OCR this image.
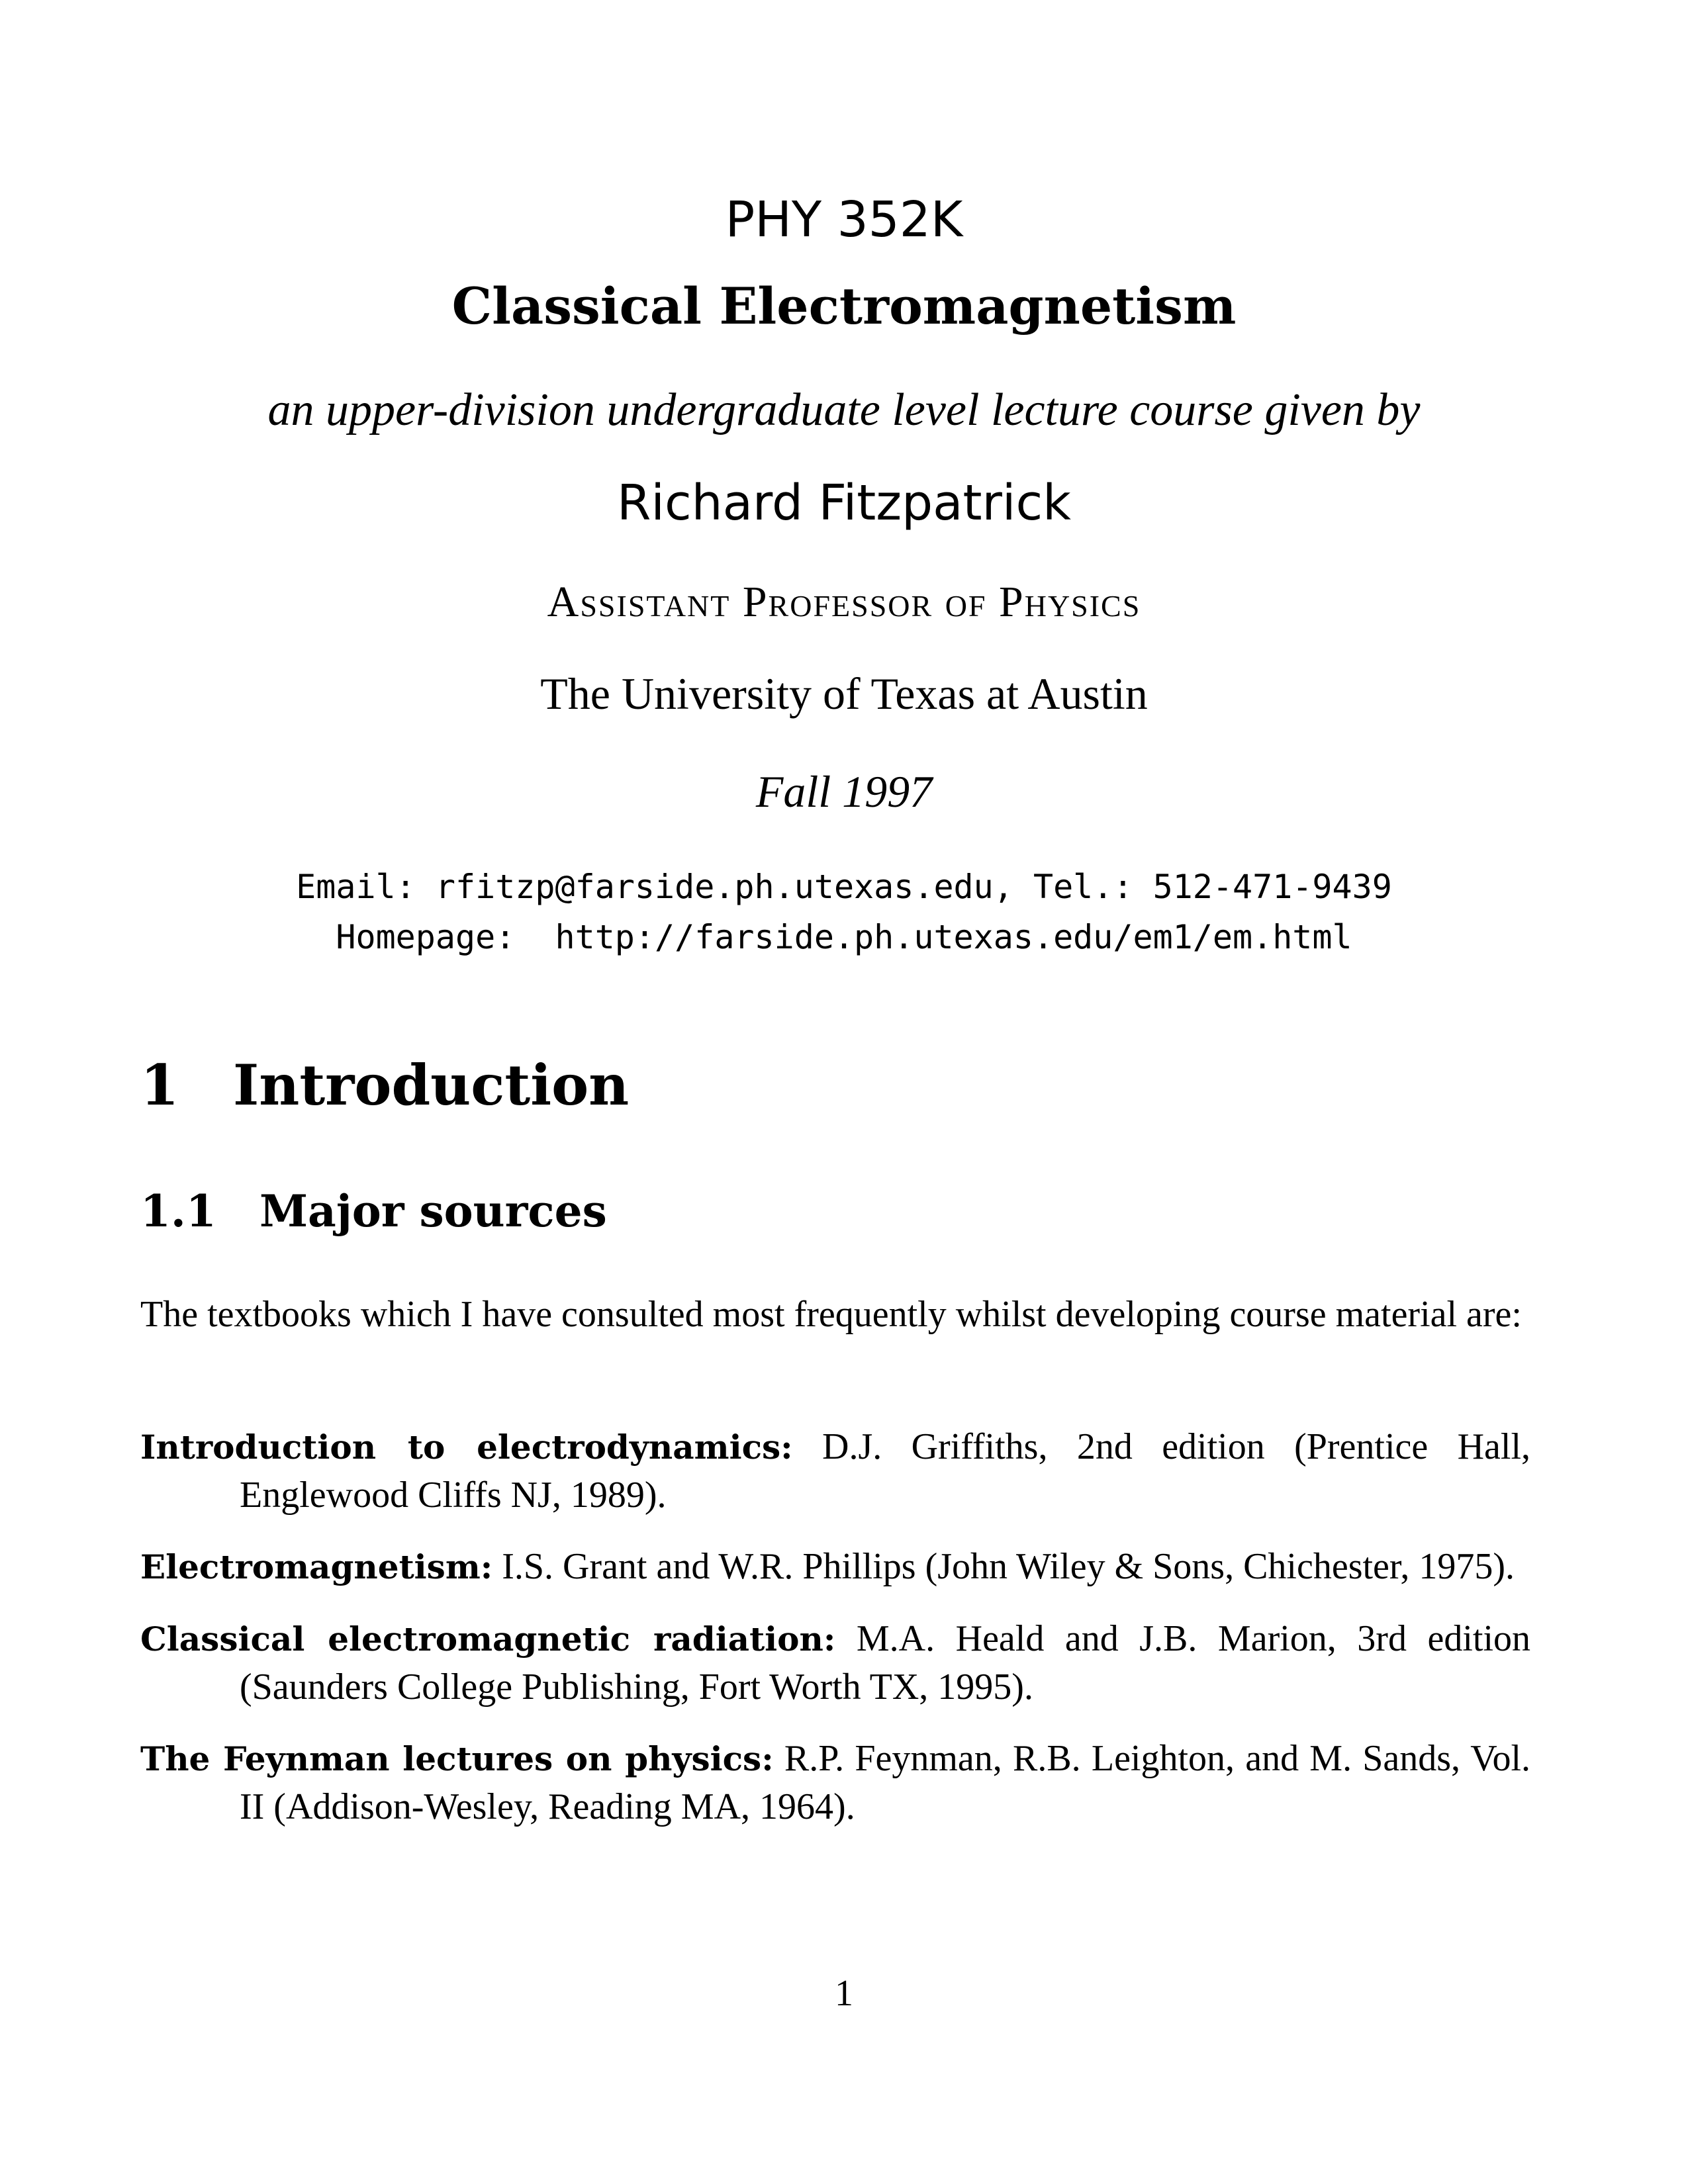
PHY 352K
Classical Electromagnetism
an upper-division undergraduate level lecture course given by
Richard Fitzpatrick
Assistant Professor of Physics
The University of Texas at Austin
Fall 1997
Email: rfitzp@farside.ph.utexas.edu, Tel.: 512-471-9439
Homepage:  http://farside.ph.utexas.edu/em1/em.html
1 Introduction
1.1 Major sources
The textbooks which I have consulted most frequently whilst developing course material are:
Introduction to electrodynamics: D.J. Griffiths, 2nd edition (Prentice Hall, Englewood Cliffs NJ, 1989).
Electromagnetism: I.S. Grant and W.R. Phillips (John Wiley & Sons, Chichester, 1975).
Classical electromagnetic radiation: M.A. Heald and J.B. Marion, 3rd edition (Saunders College Publishing, Fort Worth TX, 1995).
The Feynman lectures on physics: R.P. Feynman, R.B. Leighton, and M. Sands, Vol. II (Addison-Wesley, Reading MA, 1964).
1
